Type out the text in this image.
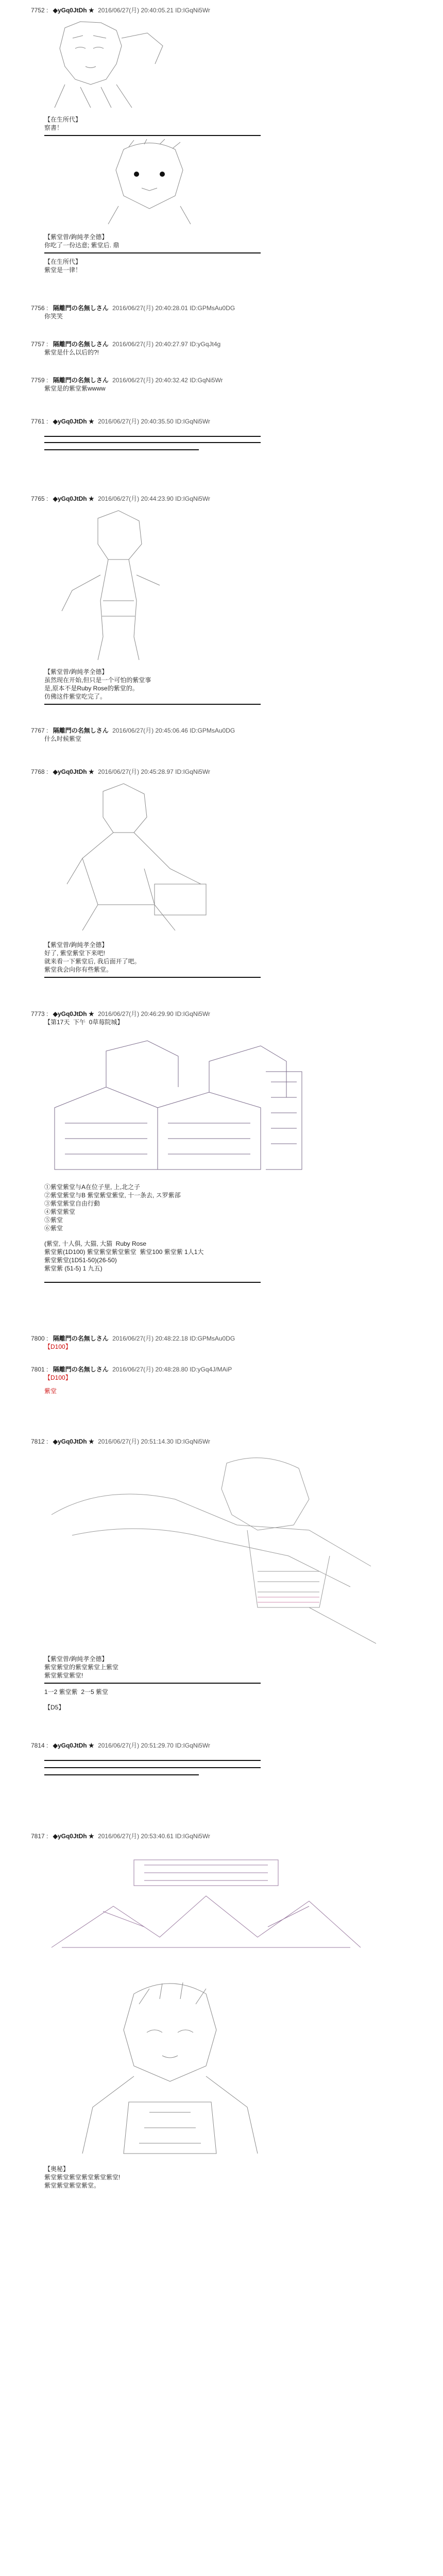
7752 : ◆yGq0JtDh ★ 2016/06/27(月) 20:40:05.21 ID:IGqNi5Wr
【在生所代】
察書！
【紫堂曽/鉤純孝全德】
你吃了一份达意; 紫堂后. 鼎
【在生所代】
紫堂是一律！
7756 : 隔離門の名無しさん 2016/06/27(月) 20:40:28.01 ID:GPMsAu0DG
你笑笑
7757 : 隔離門の名無しさん 2016/06/27(月) 20:40:27.97 ID:yGqJt4g
紫堂是什么以后的?!
7759 : 隔離門の名無しさん 2016/06/27(月) 20:40:32.42 ID:GqNi5Wr
紫堂是的紫堂紫wwww
7761 : ◆yGq0JtDh ★ 2016/06/27(月) 20:40:35.50 ID:IGqNi5Wr
7765 : ◆yGq0JtDh ★ 2016/06/27(月) 20:44:23.90 ID:IGqNi5Wr
【紫堂曽/鉤純孝全德】
虽然现在开始,但只是一个可怕的紫堂事
是,原本不是Ruby Rose的紫堂的。
仿佛这件紫堂吃完了。
7767 : 隔離門の名無しさん 2016/06/27(月) 20:45:06.46 ID:GPMsAu0DG
什么时候紫堂
7768 : ◆yGq0JtDh ★ 2016/06/27(月) 20:45:28.97 ID:IGqNi5Wr
【紫堂曽/鉤純孝全德】
好了, 紫堂紫堂下来吧!
就来看一下紫堂后, 我后面开了吧。
紫堂我会向你有些紫堂。
7773 : ◆yGq0JtDh ★ 2016/06/27(月) 20:46:29.90 ID:IGqNi5Wr
【第17天  下午  0草莓院城】
①紫堂紫堂与A在位子里, 上,北之子
②紫堂紫堂与B 紫堂紫堂紫堂, 十一条去, ス罗紫部
③紫堂紫堂自由行動
④紫堂紫堂
⑤紫堂
⑥紫堂
(紫堂, 十人俱, 大猫, 大猫  Ruby Rose
紫堂紫(1D100) 紫堂紫堂紫堂紫堂  紫堂100 紫堂紫 1人1大
紫堂紫堂(1D51-50)(26-50)
紫堂紫 (51-5) 1 九五)
7800 : 隔離門の名無しさん 2016/06/27(月) 20:48:22.18 ID:GPMsAu0DG
【D100】
7801 : 隔離門の名無しさん 2016/06/27(月) 20:48:28.80 ID:yGq4J/MAiP
【D100】
紫堂
7812 : ◆yGq0JtDh ★ 2016/06/27(月) 20:51:14.30 ID:IGqNi5Wr
【紫堂曽/鉤純孝全德】
紫堂紫堂的紫堂紫堂上紫堂
紫堂紫堂紫堂!
1一2 紫堂紫  2一5 紫堂
【D5】
7814 : ◆yGq0JtDh ★ 2016/06/27(月) 20:51:29.70 ID:IGqNi5Wr
7817 : ◆yGq0JtDh ★ 2016/06/27(月) 20:53:40.61 ID:IGqNi5Wr
【奥秘】
紫堂紫堂紫堂紫堂紫堂紫堂!
紫堂紫堂紫堂紫堂。
